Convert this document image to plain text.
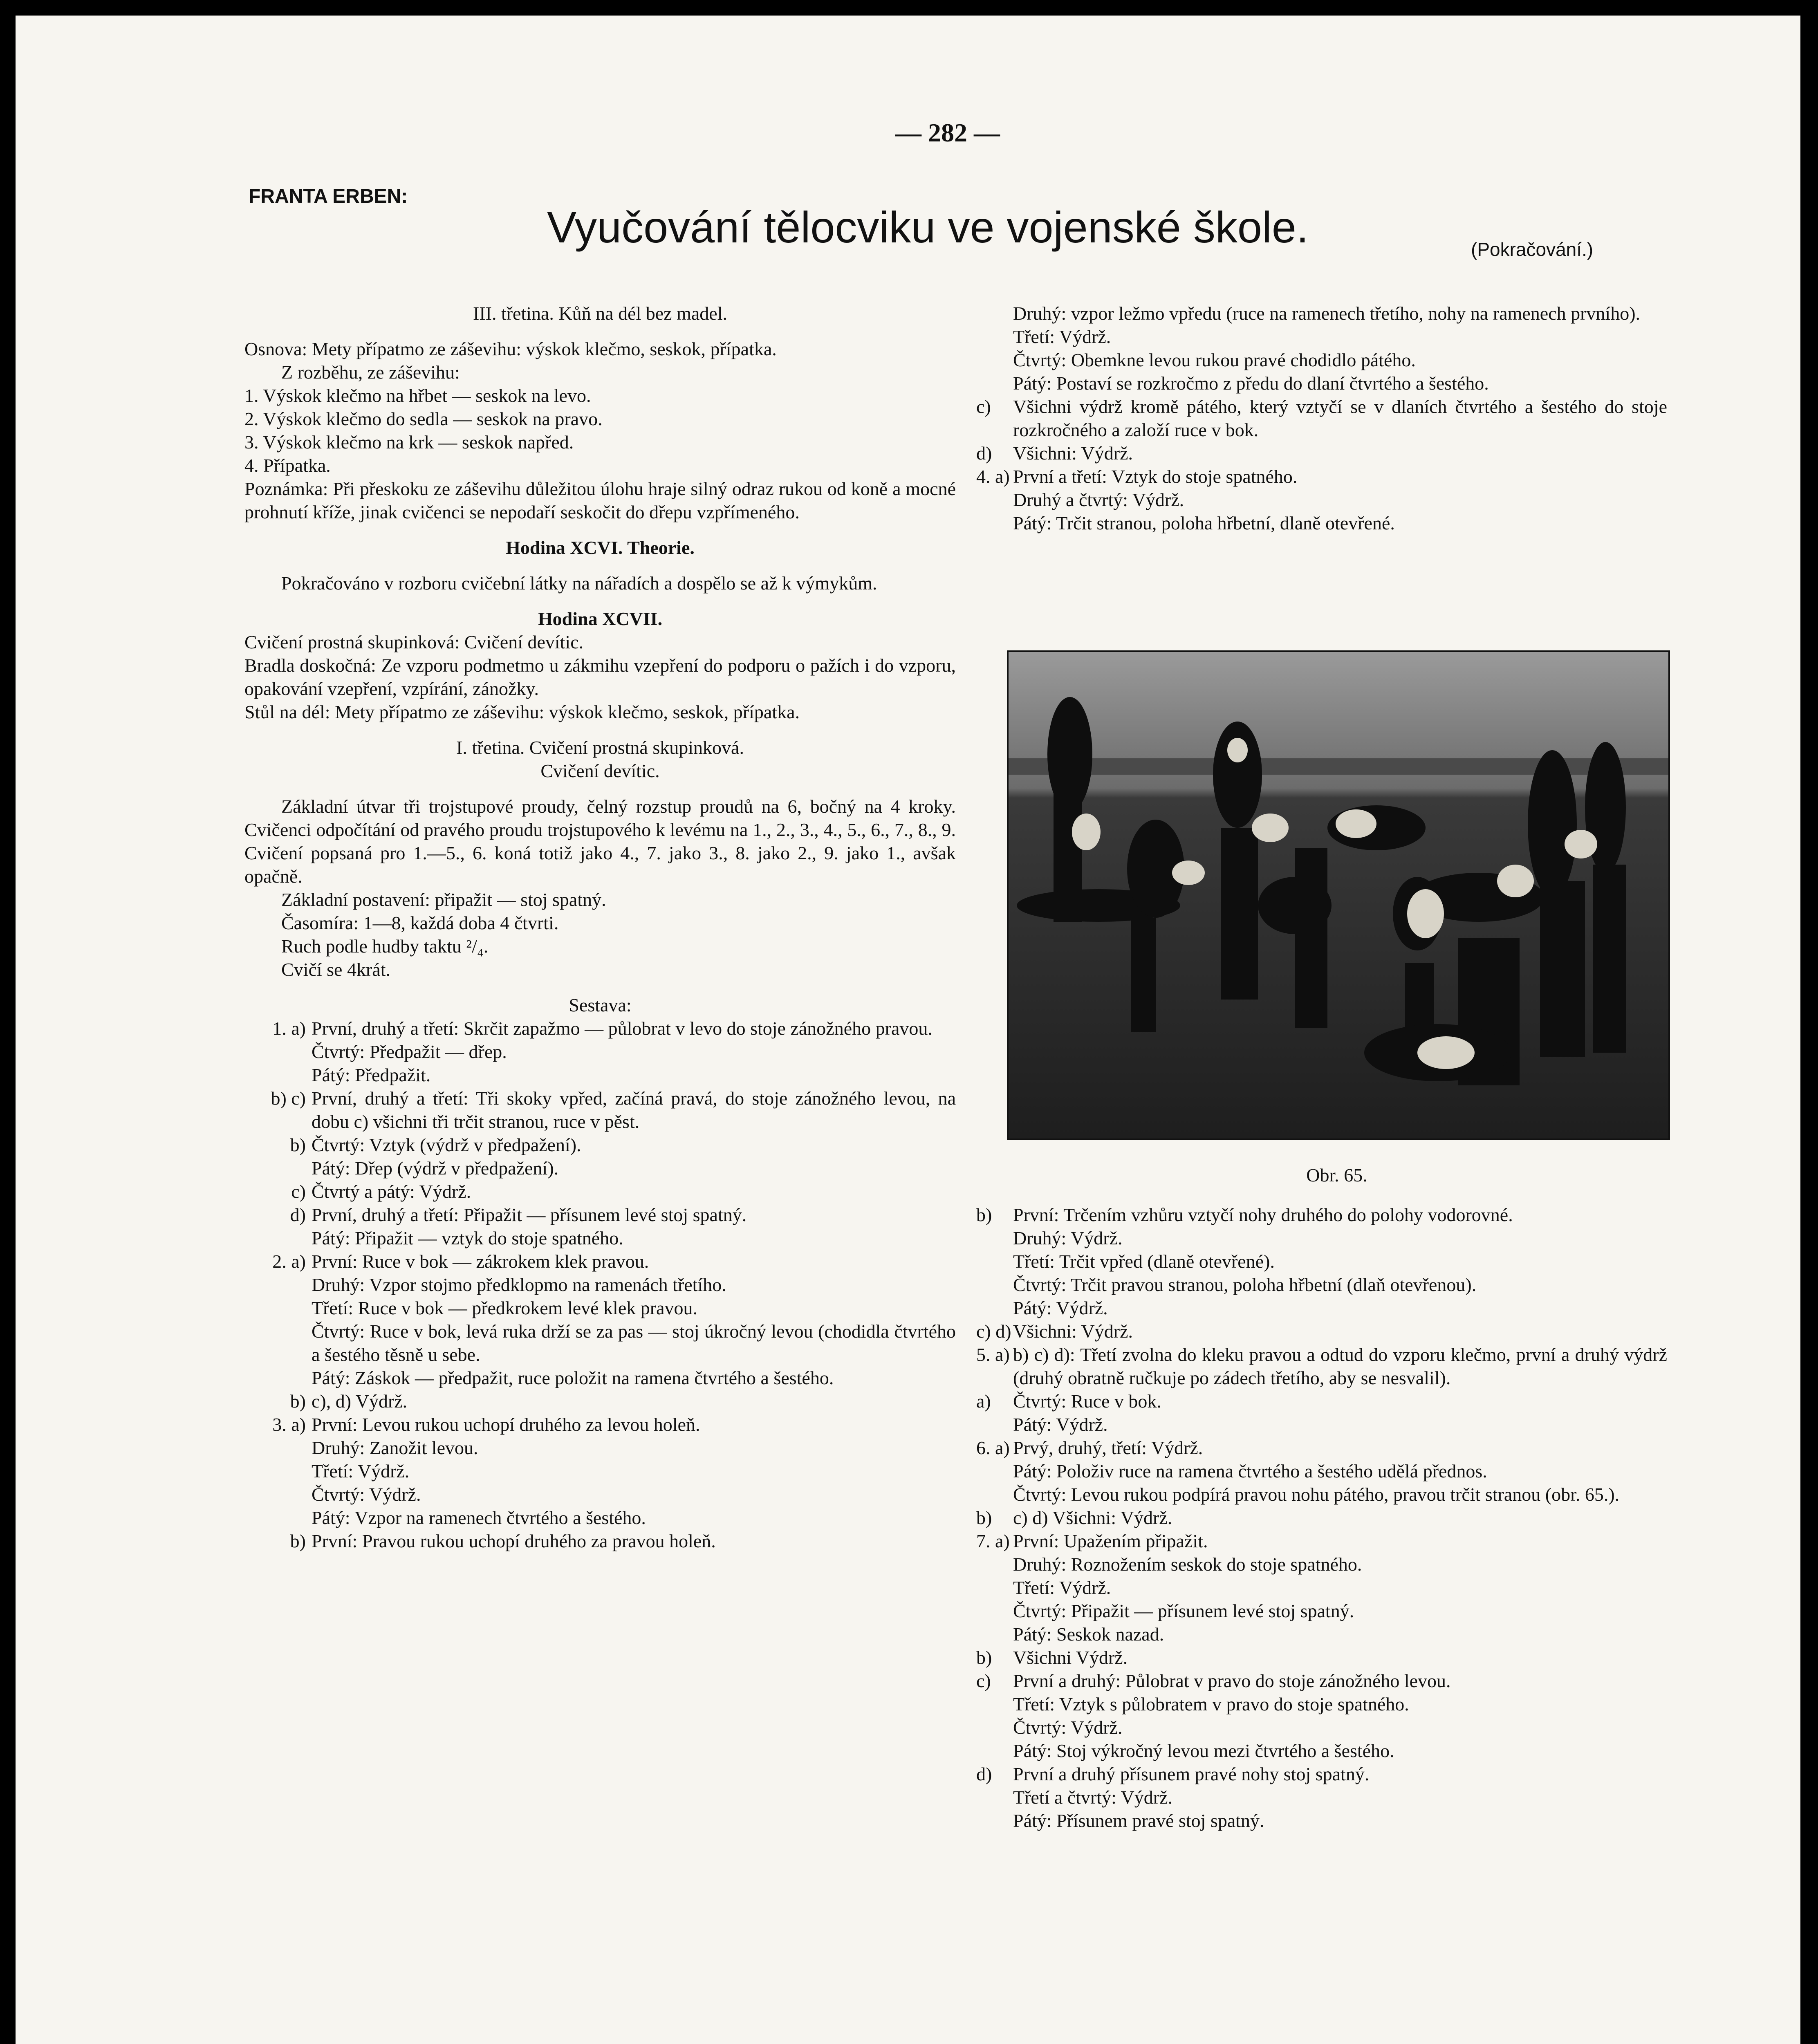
— 282 —
FRANTA ERBEN:
Vyučování tělocviku ve vojenské škole.	(Pokračování.)

III. třetina. Kůň na dél bez madel.

Osnova: Mety přípatmo ze záševihu: výskok klečmo, seskok, přípatka.

Z rozběhu, ze záševihu:

1. Výskok klečmo na hřbet — seskok na levo.

2. Výskok klečmo do sedla — seskok na pravo.

3. Výskok klečmo na krk — seskok napřed.

4. Přípatka.

Poznámka: Při přeskoku ze záševihu důležitou úlohu hraje silný odraz rukou od koně a mocné prohnutí kříže, jinak cvičenci se nepodaří seskočit do dřepu vzpřímeného.

Hodina XCVI. Theorie.

Pokračováno v rozboru cvičební látky na nářadích a dospělo se až k výmykům.

Hodina XCVII.

Cvičení prostná skupinková: Cvičení devític.

Bradla doskočná: Ze vzporu podmetmo u zákmihu vzepření do podporu o pažích i do vzporu, opakování vzepření, vzpírání, zánožky.

Stůl na dél: Mety přípatmo ze záševihu: výskok klečmo, seskok, přípatka.

I. třetina. Cvičení prostná skupinková.

Cvičení devític.

Základní útvar tři trojstupové proudy, čelný rozstup proudů na 6, bočný na 4 kroky. Cvičenci odpočítání od pravého proudu trojstupového k levému na 1., 2., 3., 4., 5., 6., 7., 8., 9. Cvičení popsaná pro 1.—5., 6. koná totiž jako 4., 7. jako 3., 8. jako 2., 9. jako 1., avšak opačně.

Základní postavení: připažit — stoj spatný.

Časomíra: 1—8, každá doba 4 čtvrti.

Ruch podle hudby taktu ²/₄.

Cvičí se 4krát.

Sestava:

1. a) První, druhý a třetí: Skrčit zapažmo — půlobrat v levo do stoje zánožného pravou.
Čtvrtý: Předpažit — dřep.
Pátý: Předpažit.
b) c) První, druhý a třetí: Tři skoky vpřed, začíná pravá, do stoje zánožného levou, na dobu c) všichni tři trčit stranou, ruce v pěst.
b) Čtvrtý: Vztyk (výdrž v předpažení).
Pátý: Dřep (výdrž v předpažení).
c) Čtvrtý a pátý: Výdrž.
d) První, druhý a třetí: Připažit — přísunem levé stoj spatný.
Pátý: Připažit — vztyk do stoje spatného.
2. a) První: Ruce v bok — zákrokem klek pravou.
Druhý: Vzpor stojmo předklopmo na ramenách třetího.
Třetí: Ruce v bok — předkrokem levé klek pravou.
Čtvrtý: Ruce v bok, levá ruka drží se za pas — stoj úkročný levou (chodidla čtvrtého a šestého těsně u sebe.
Pátý: Záskok — předpažit, ruce položit na ramena čtvrtého a šestého.
b) c), d) Výdrž.
3. a) První: Levou rukou uchopí druhého za levou holeň.
Druhý: Zanožit levou.
Třetí: Výdrž.
Čtvrtý: Výdrž.
Pátý: Vzpor na ramenech čtvrtého a šestého.
b) První: Pravou rukou uchopí druhého za pravou holeň.
Druhý: vzpor ležmo vpředu (ruce na ramenech třetího, nohy na ramenech prvního).
Třetí: Výdrž.
Čtvrtý: Obemkne levou rukou pravé chodidlo pátého.
Pátý: Postaví se rozkročmo z předu do dlaní čtvrtého a šestého.
c)	Všichni výdrž kromě pátého, který vztyčí se v dlaních čtvrtého a šestého do stoje rozkročného a založí ruce v bok.
d)	Všichni: Výdrž.
4. a) První a třetí: Vztyk do stoje spatného.
Druhý a čtvrtý: Výdrž.
Pátý: Trčit stranou, poloha hřbetní, dlaně otevřené.
Obr. 65.
b)	První: Trčením vzhůru vztyčí nohy druhého do polohy vodorovné.
Druhý: Výdrž.
Třetí: Trčit vpřed (dlaně otevřené).
Čtvrtý: Trčit pravou stranou, poloha hřbetní (dlaň otevřenou).
Pátý: Výdrž.
c) d) Všichni: Výdrž.
5. a) b) c) d): Třetí zvolna do kleku pravou a odtud do vzporu klečmo, první a druhý výdrž (druhý obratně ručkuje po zádech třetího, aby se nesvalil).
a)	Čtvrtý: Ruce v bok.
Pátý: Výdrž.
6. a) Prvý, druhý, třetí: Výdrž.
Pátý: Položiv ruce na ramena čtvrtého a šestého udělá přednos.
Čtvrtý: Levou rukou podpírá pravou nohu pátého, pravou trčit stranou (obr. 65.).
b)	c) d) Všichni: Výdrž.
7. a) První: Upažením připažit.
Druhý: Roznožením seskok do stoje spatného.
Třetí: Výdrž.
Čtvrtý: Připažit — přísunem levé stoj spatný.
Pátý: Seskok nazad.
b)	Všichni Výdrž.
c)	První a druhý: Půlobrat v pravo do stoje zánožného levou.
Třetí: Vztyk s půlobratem v pravo do stoje spatného.
Čtvrtý: Výdrž.
Pátý: Stoj výkročný levou mezi čtvrtého a šestého.
d)	První a druhý přísunem pravé nohy stoj spatný.
Třetí a čtvrtý: Výdrž.
Pátý: Přísunem pravé stoj spatný.
